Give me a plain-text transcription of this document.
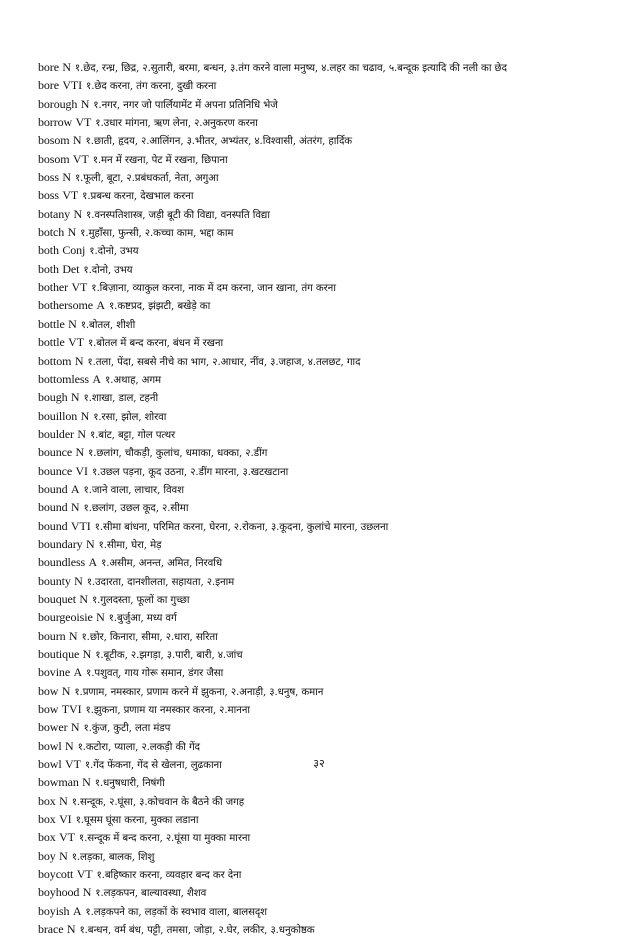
bore N १.छेद, रन्ध्र, छिद्र, २.सुतारी, बरमा, बन्धन, ३.तंग करने वाला मनुष्य, ४.लहर का चढाव, ५.बन्दूक इत्यादि की नली का छेद
bore VTI १.छेद करना, तंग करना, दुखी करना
borough N १.नगर, नगर जो पार्लियामेंट में अपना प्रतिनिधि भेजे
borrow VT १.उधार मांगना, ऋण लेना, २.अनुकरण करना
bosom N १.छाती, हृदय, २.आलिंगन, ३.भीतर, अभ्यंतर, ४.विश्वासी, अंतरंग, हार्दिक
bosom VT १.मन में रखना, पेट में रखना, छिपाना
boss N १.फूली, बूटा, २.प्रबंधकर्ता, नेता, अगुआ
boss VT १.प्रबन्ध करना, देखभाल करना
botany N १.वनस्पतिशास्त्र, जड़ी बूटी की विद्या, वनस्पति विद्या
botch N १.मुहाँसा, फुन्सी, २.कच्चा काम, भद्दा काम
both Conj १.दोनो, उभय
both Det १.दोनो, उभय
bother VT १.बिज़ाना, व्याकुल करना, नाक में दम करना, जान खाना, तंग करना
bothersome A १.कष्टप्रद, झंझटी, बखेड़े का
bottle N १.बोतल, शीशी
bottle VT १.बोतल में बन्द करना, बंधन में रखना
bottom N १.तला, पेंदा, सबसे नीचे का भाग, २.आधार, नींव, ३.जहाज, ४.तलछट, गाद
bottomless A १.अथाह, अगम
bough N १.शाखा, डाल, टहनी
bouillon N १.रसा, झोल, शोरवा
boulder N १.बांट, बट्टा, गोल पत्थर
bounce N १.छलांग, चौकड़ी, कुलांच, धमाका, धक्का, २.डींग
bounce VI १.उछल पड़ना, कूद उठना, २.डींग मारना, ३.खटखटाना
bound A १.जाने वाला, लाचार, विवश
bound N १.छलांग, उछल कूद, २.सीमा
bound VTI १.सीमा बांधना, परिमित करना, घेरना, २.रोकना, ३.कूदना, कुलांचे मारना, उछलना
boundary N १.सीमा, घेरा, मेड़
boundless A १.असीम, अनन्त, अमित, निरवधि
bounty N १.उदारता, दानशीलता, सहायता, २.इनाम
bouquet N १.गुलदस्ता, फूलों का गुच्छा
bourgeoisie N १.बुर्जुआ, मध्य वर्ग
bourn N १.छोर, किनारा, सीमा, २.धारा, सरिता
boutique N १.बूटीक, २.झगड़ा, ३.पारी, बारी, ४.जांच
bovine A १.पशुवत्, गाय गोरू समान, डंगर जैसा
bow N १.प्रणाम, नमस्कार, प्रणाम करने में झुकना, २.अनाड़ी, ३.धनुष, कमान
bow TVI १.झुकना, प्रणाम या नमस्कार करना, २.मानना
bower N १.कुंज, कुटी, लता मंडप
bowl N १.कटोरा, प्याला, २.लकड़ी की गेंद
bowl VT १.गेंद फेंकना, गेंद से खेलना, लुढकाना
bowman N १.धनुषधारी, निषंगी
box N १.सन्दूक, २.घूंसा, ३.कोचवान के बैठने की जगह
box VI १.घूसम घूंसा करना, मुक्का लडाना
box VT १.सन्दूक में बन्द करना, २.घूंसा या मुक्का मारना
boy N १.लड़का, बालक, शिशु
boycott VT १.बहिष्कार करना, व्यवहार बन्द कर देना
boyhood N १.लड़कपन, बाल्यावस्था, शैशव
boyish A १.लड़कपने का, लड़कों के स्वभाव वाला, बालसदृश
brace N १.बन्धन, वर्म बंध, पट्टी, तमसा, जोड़ा, २.घेर, लकीर, ३.धनुकोष्ठक
३२
